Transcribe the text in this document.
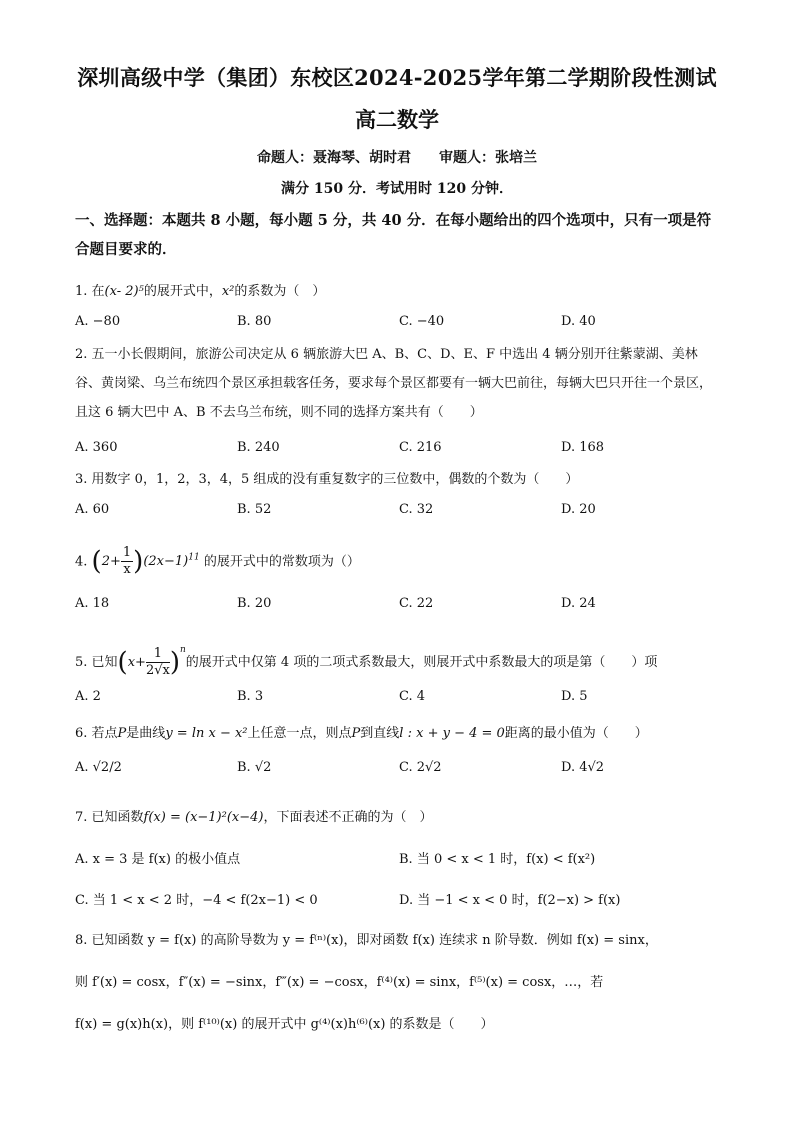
深圳高级中学（集团）东校区2024-2025学年第二学期阶段性测试
高二数学
命题人：聂海琴、胡时君　　审题人：张培兰
满分 150 分．考试用时 120 分钟．
一、选择题：本题共 8 小题，每小题 5 分，共 40 分．在每小题给出的四个选项中，只有一项是符合题目要求的．
1. 在(x- 2)⁵的展开式中，x²的系数为（　）
A. −80	B. 80	C. −40	D. 40
2. 五一小长假期间，旅游公司决定从 6 辆旅游大巴 A、B、C、D、E、F 中选出 4 辆分别开往紫蒙湖、美林谷、黄岗梁、乌兰布统四个景区承担载客任务，要求每个景区都要有一辆大巴前往，每辆大巴只开往一个景区，且这 6 辆大巴中 A、B 不去乌兰布统，则不同的选择方案共有（　　）
A. 360	B. 240	C. 216	D. 168
3. 用数字 0，1，2，3，4，5 组成的没有重复数字的三位数中，偶数的个数为（　　）
A. 60	B. 52	C. 32	D. 20
4. $(2+ \frac{1}{x} )(2x-1)^{11}$ 的展开式中的常数项为（）
A. 18	B. 20	C. 22	D. 24
5. 已知$(x+ \frac{1}{2√x} )^n$的展开式中仅第 4 项的二项式系数最大，则展开式中系数最大的项是第（　　）项
A. 2	B. 3	C. 4	D. 5
6. 若点P是曲线y = ln x − x²上任意一点，则点P到直线l : x + y − 4 = 0距离的最小值为（　　）
A. √2/2	B. √2	C. 2√2	D. 4√2
7. 已知函数f(x) = (x−1)²(x−4)，下面表述不正确的为（　）
A. x = 3 是 f(x) 的极小值点	B. 当 0 < x < 1 时，f(x) < f(x²)
C. 当 1 < x < 2 时，−4 < f(2x−1) < 0	D. 当 −1 < x < 0 时，f(2−x) > f(x)
8. 已知函数 y = f(x) 的高阶导数为 y = f⁽ⁿ⁾(x)，即对函数 f(x) 连续求 n 阶导数．例如 f(x) = sinx，
则 f′(x) = cosx，f″(x) = −sinx，f‴(x) = −cosx，f⁽⁴⁾(x) = sinx，f⁽⁵⁾(x) = cosx，…，若
f(x) = g(x)h(x)，则 f⁽¹⁰⁾(x) 的展开式中 g⁽⁴⁾(x)h⁽⁶⁾(x) 的系数是（　　）
